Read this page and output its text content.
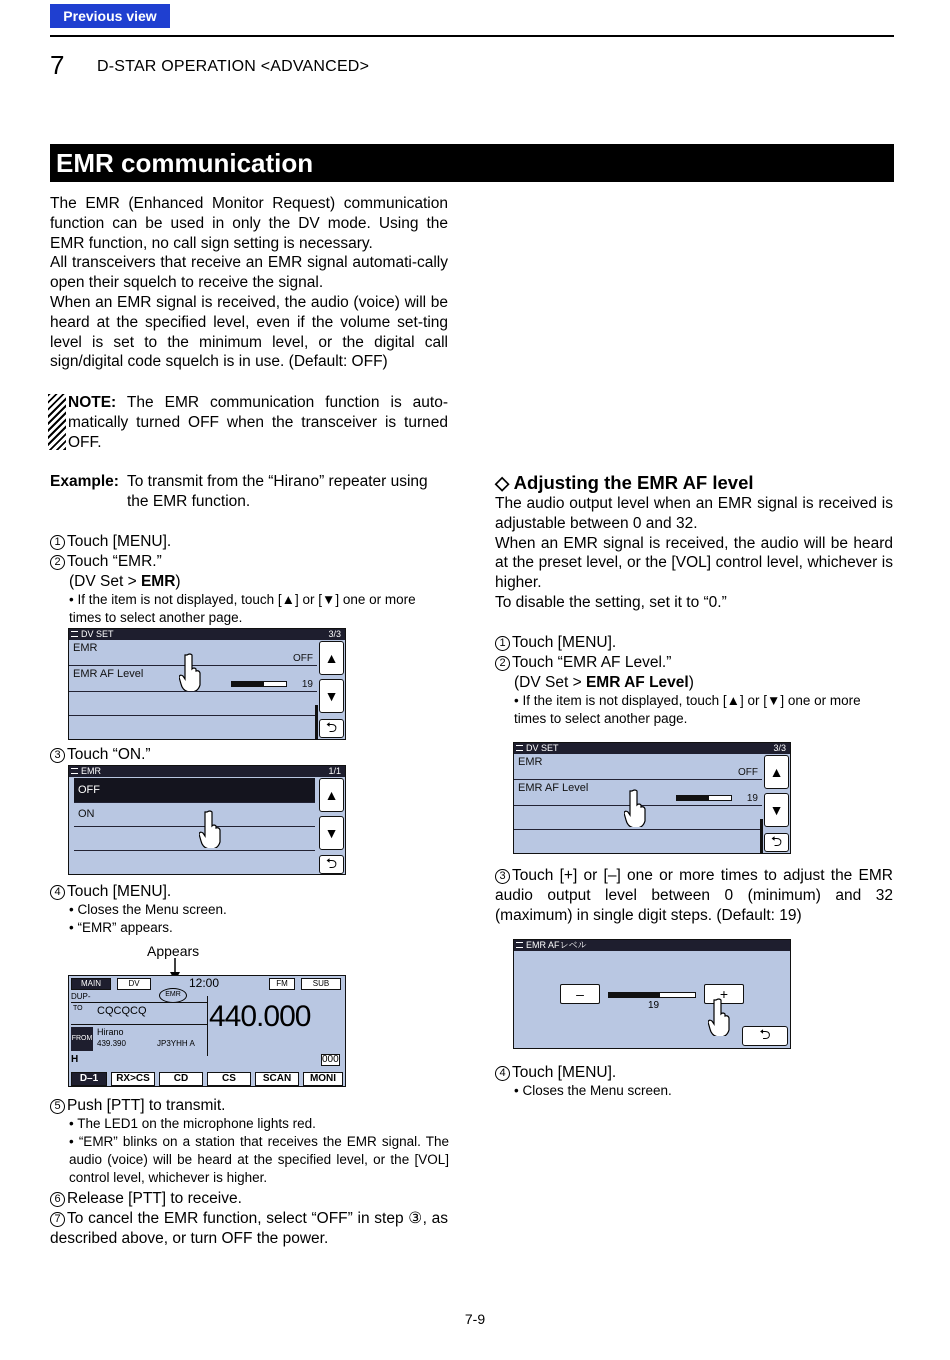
Previous view
7 D-STAR OPERATION <ADVANCED>
EMR communication

The EMR (Enhanced Monitor Request) communication function can be used in only the DV mode. Using the EMR function, no call sign setting is necessary.

All transceivers that receive an EMR signal automati-cally open their squelch to receive the signal.

When an EMR signal is received, the audio (voice) will be heard at the specified level, even if the volume set-ting level is set to the minimum level, or the digital call sign/digital code squelch is in use. (Default: OFF)

NOTE: The EMR communication function is auto-matically turned OFF when the transceiver is turned OFF.
Example: To transmit from the “Hirano” repeater using the EMR function.
1 Touch [MENU].
2 Touch “EMR.”
(DV Set > EMR)
• If the item is not displayed, touch [▲] or [▼] one or more times to select another page.
DV SET	3/3
EMR
OFF
EMR AF Level
19
▲
▼
⮌
3 Touch “ON.”
EMR	1/1
OFF
ON
▲
▼
⮌
4 Touch [MENU].
• Closes the Menu screen.
• “EMR” appears.
Appears
MAIN	DV	12:00	FM	SUB
DUP-	EMR
TO CQCQCQ
FROM
Hirano
439.390	JP3YHH A
440.000
H	000
D–1	RX>CS	CD	CS	SCAN	MONI
5 Push [PTT] to transmit.
• The LED1 on the microphone lights red.
• “EMR” blinks on a station that receives the EMR signal. The audio (voice) will be heard at the specified level, or the [VOL] control level, whichever is higher.
6 Release [PTT] to receive.
7 To cancel the EMR function, select “OFF” in step ③, as described above, or turn OFF the power.
◇ Adjusting the EMR AF level

The audio output level when an EMR signal is received is adjustable between 0 and 32.

When an EMR signal is received, the audio will be heard at the preset level, or the [VOL] control level, whichever is higher.

To disable the setting, set it to “0.”

1 Touch [MENU].
2 Touch “EMR AF Level.”
(DV Set > EMR AF Level)
• If the item is not displayed, touch [▲] or [▼] one or more times to select another page.
DV SET	3/3
EMR
OFF
EMR AF Level
19
▲
▼
⮌
3 Touch [+] or [–] one or more times to adjust the EMR audio output level between 0 (minimum) and 32 (maximum) in single digit steps. (Default: 19)
EMR AFレベル
–
19
+
⮌
4 Touch [MENU].
• Closes the Menu screen.
7-9
